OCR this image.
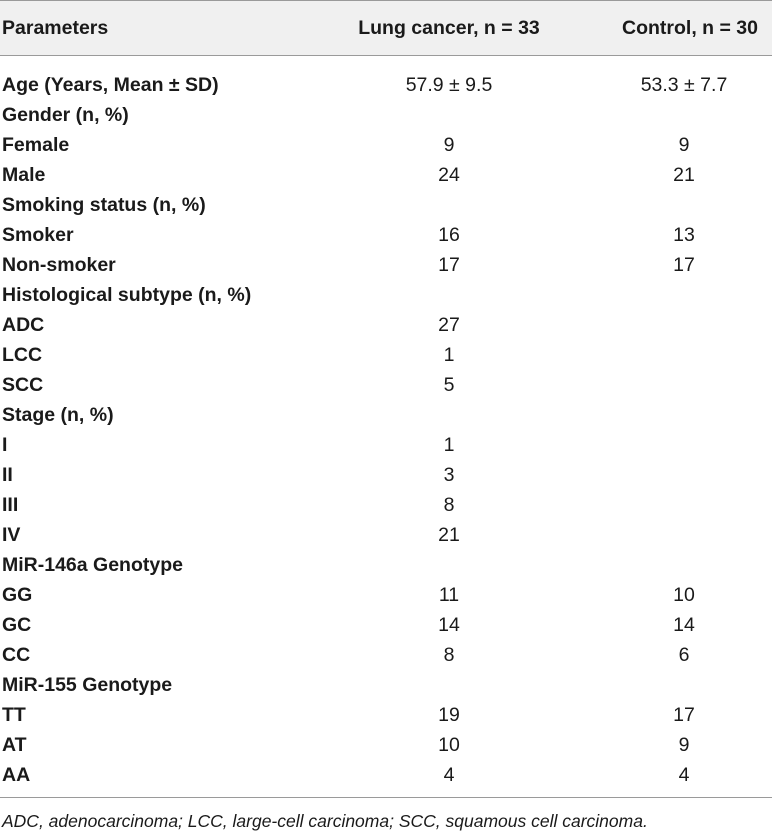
Parameters	Lung cancer, n = 33	Control, n = 30
Age (Years, Mean ± SD)	57.9 ± 9.5	53.3 ± 7.7
Gender (n, %)
Female	9	9
Male	24	21
Smoking status (n, %)
Smoker	16	13
Non-smoker	17	17
Histological subtype (n, %)
ADC	27
LCC	1
SCC	5
Stage (n, %)
I	1
II	3
III	8
IV	21
MiR-146a Genotype
GG	11	10
GC	14	14
CC	8	6
MiR-155 Genotype
TT	19	17
AT	10	9
AA	4	4
ADC, adenocarcinoma; LCC, large-cell carcinoma; SCC, squamous cell carcinoma.
